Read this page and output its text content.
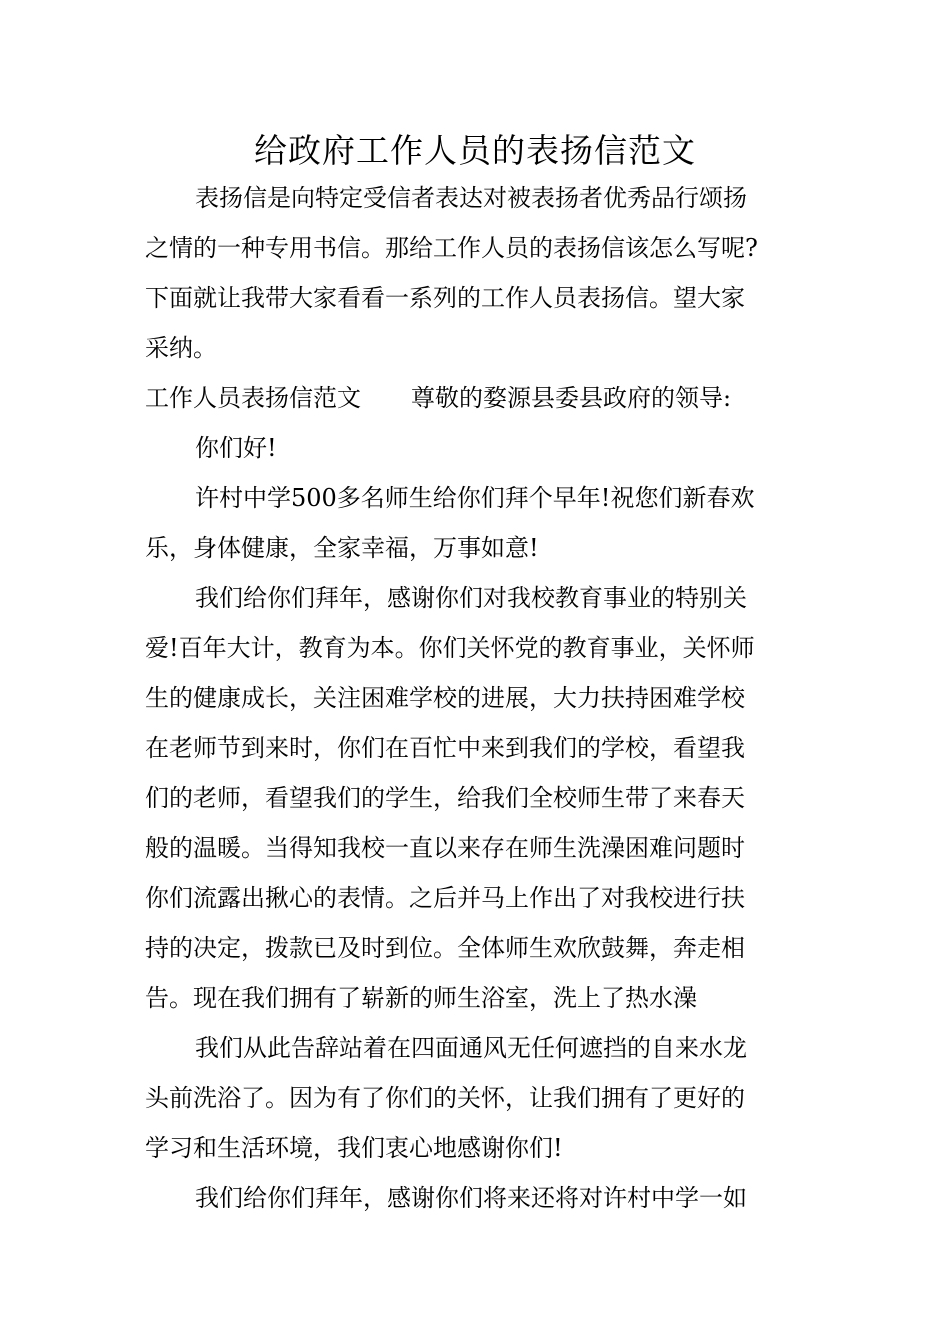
给政府工作人员的表扬信范文
表扬信是向特定受信者表达对被表扬者优秀品行颂扬
之情的一种专用书信。那给工作人员的表扬信该怎么写呢?
下面就让我带大家看看一系列的工作人员表扬信。望大家
采纳。
工作人员表扬信范文 尊敬的婺源县委县政府的领导:
你们好!
许村中学500多名师生给你们拜个早年!祝您们新春欢
乐，身体健康，全家幸福，万事如意!
我们给你们拜年，感谢你们对我校教育事业的特别关
爱!百年大计，教育为本。你们关怀党的教育事业，关怀师
生的健康成长，关注困难学校的进展，大力扶持困难学校
在老师节到来时，你们在百忙中来到我们的学校，看望我
们的老师，看望我们的学生，给我们全校师生带了来春天
般的温暖。当得知我校一直以来存在师生洗澡困难问题时
你们流露出揪心的表情。之后并马上作出了对我校进行扶
持的决定，拨款已及时到位。全体师生欢欣鼓舞，奔走相
告。现在我们拥有了崭新的师生浴室，洗上了热水澡
我们从此告辞站着在四面通风无任何遮挡的自来水龙
头前洗浴了。因为有了你们的关怀，让我们拥有了更好的
学习和生活环境，我们衷心地感谢你们!
我们给你们拜年，感谢你们将来还将对许村中学一如
